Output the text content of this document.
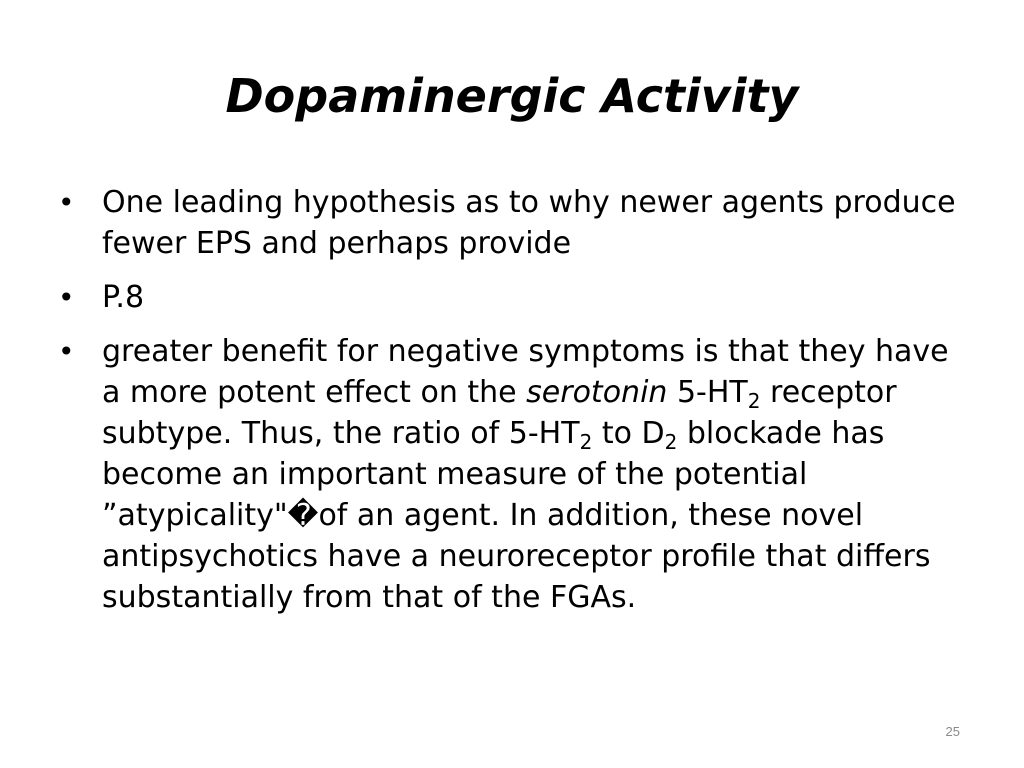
Dopaminergic Activity
• One leading hypothesis as to why newer agents produce fewer EPS and perhaps provide
• P.8
• greater benefit for negative symptoms is that they have a more potent effect on the serotonin $5-HT_2$ receptor subtype. Thus, the ratio of $5-HT_2$ to $D_2$ blockade has become an important measure of the potential ”atypicality"�of an agent. In addition, these novel antipsychotics have a neuroreceptor profile that differs substantially from that of the FGAs.
25
